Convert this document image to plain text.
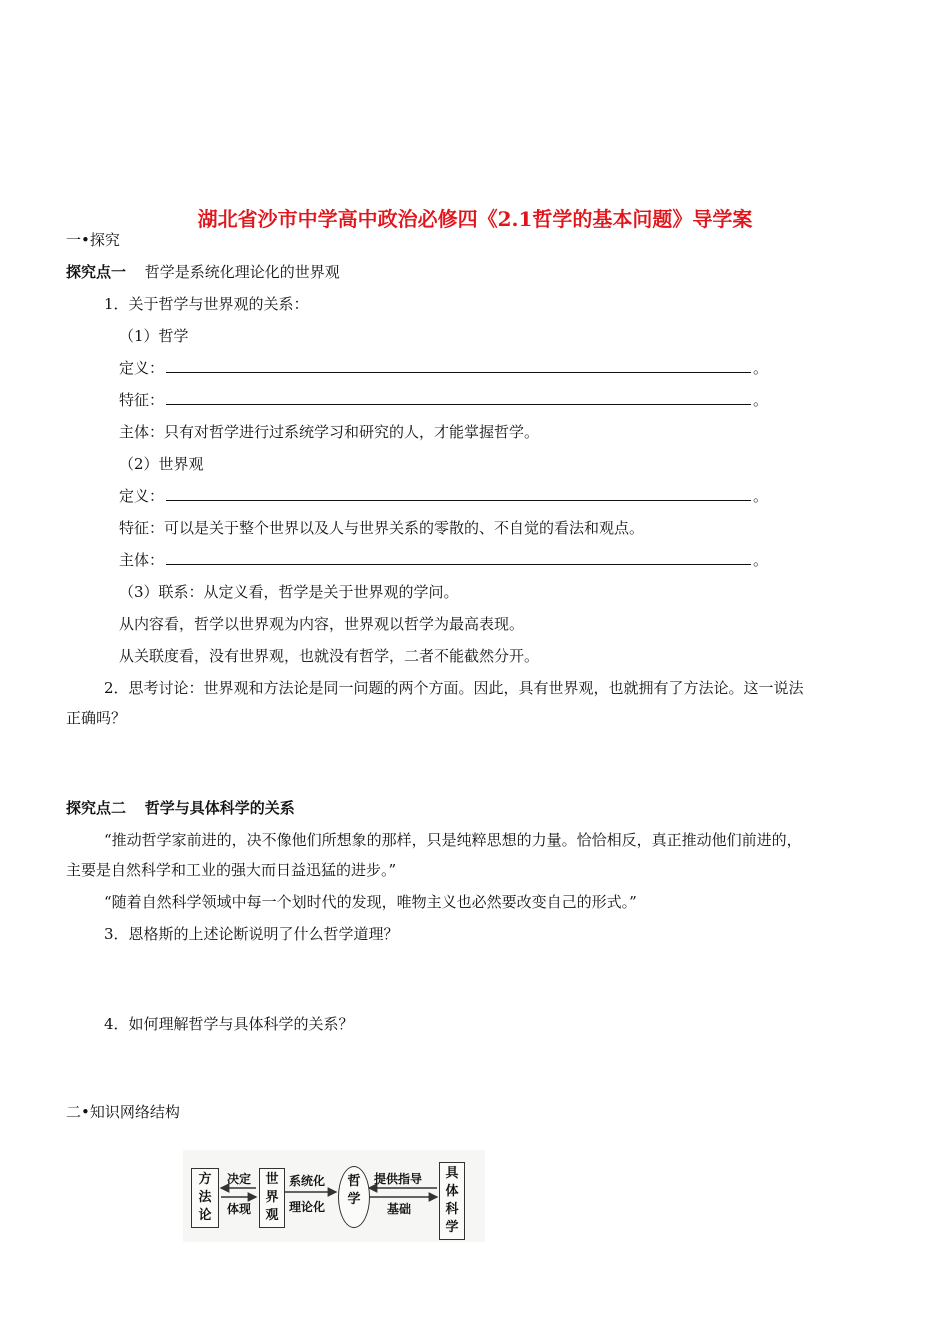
湖北省沙市中学高中政治必修四《2.1哲学的基本问题》导学案
一•探究
探究点一 哲学是系统化理论化的世界观
1．关于哲学与世界观的关系：
（1）哲学
定义：	。
特征：	。
主体：只有对哲学进行过系统学习和研究的人，才能掌握哲学。
（2）世界观
定义：	。
特征：可以是关于整个世界以及人与世界关系的零散的、不自觉的看法和观点。
主体：	。
（3）联系：从定义看，哲学是关于世界观的学问。
从内容看，哲学以世界观为内容，世界观以哲学为最高表现。
从关联度看，没有世界观，也就没有哲学，二者不能截然分开。
2．思考讨论：世界观和方法论是同一问题的两个方面。因此，具有世界观，也就拥有了方法论。这一说法
正确吗？
探究点二 哲学与具体科学的关系
“推动哲学家前进的，决不像他们所想象的那样，只是纯粹思想的力量。恰恰相反，真正推动他们前进的，
主要是自然科学和工业的强大而日益迅猛的进步。”
“随着自然科学领域中每一个划时代的发现，唯物主义也必然要改变自己的形式。”
3．恩格斯的上述论断说明了什么哲学道理？
4．如何理解哲学与具体科学的关系？
二•知识网络结构
方
法
论
决定
体现
世
界
观
系统化
理论化
哲
学
提供指导
基础
具
体
科
学
